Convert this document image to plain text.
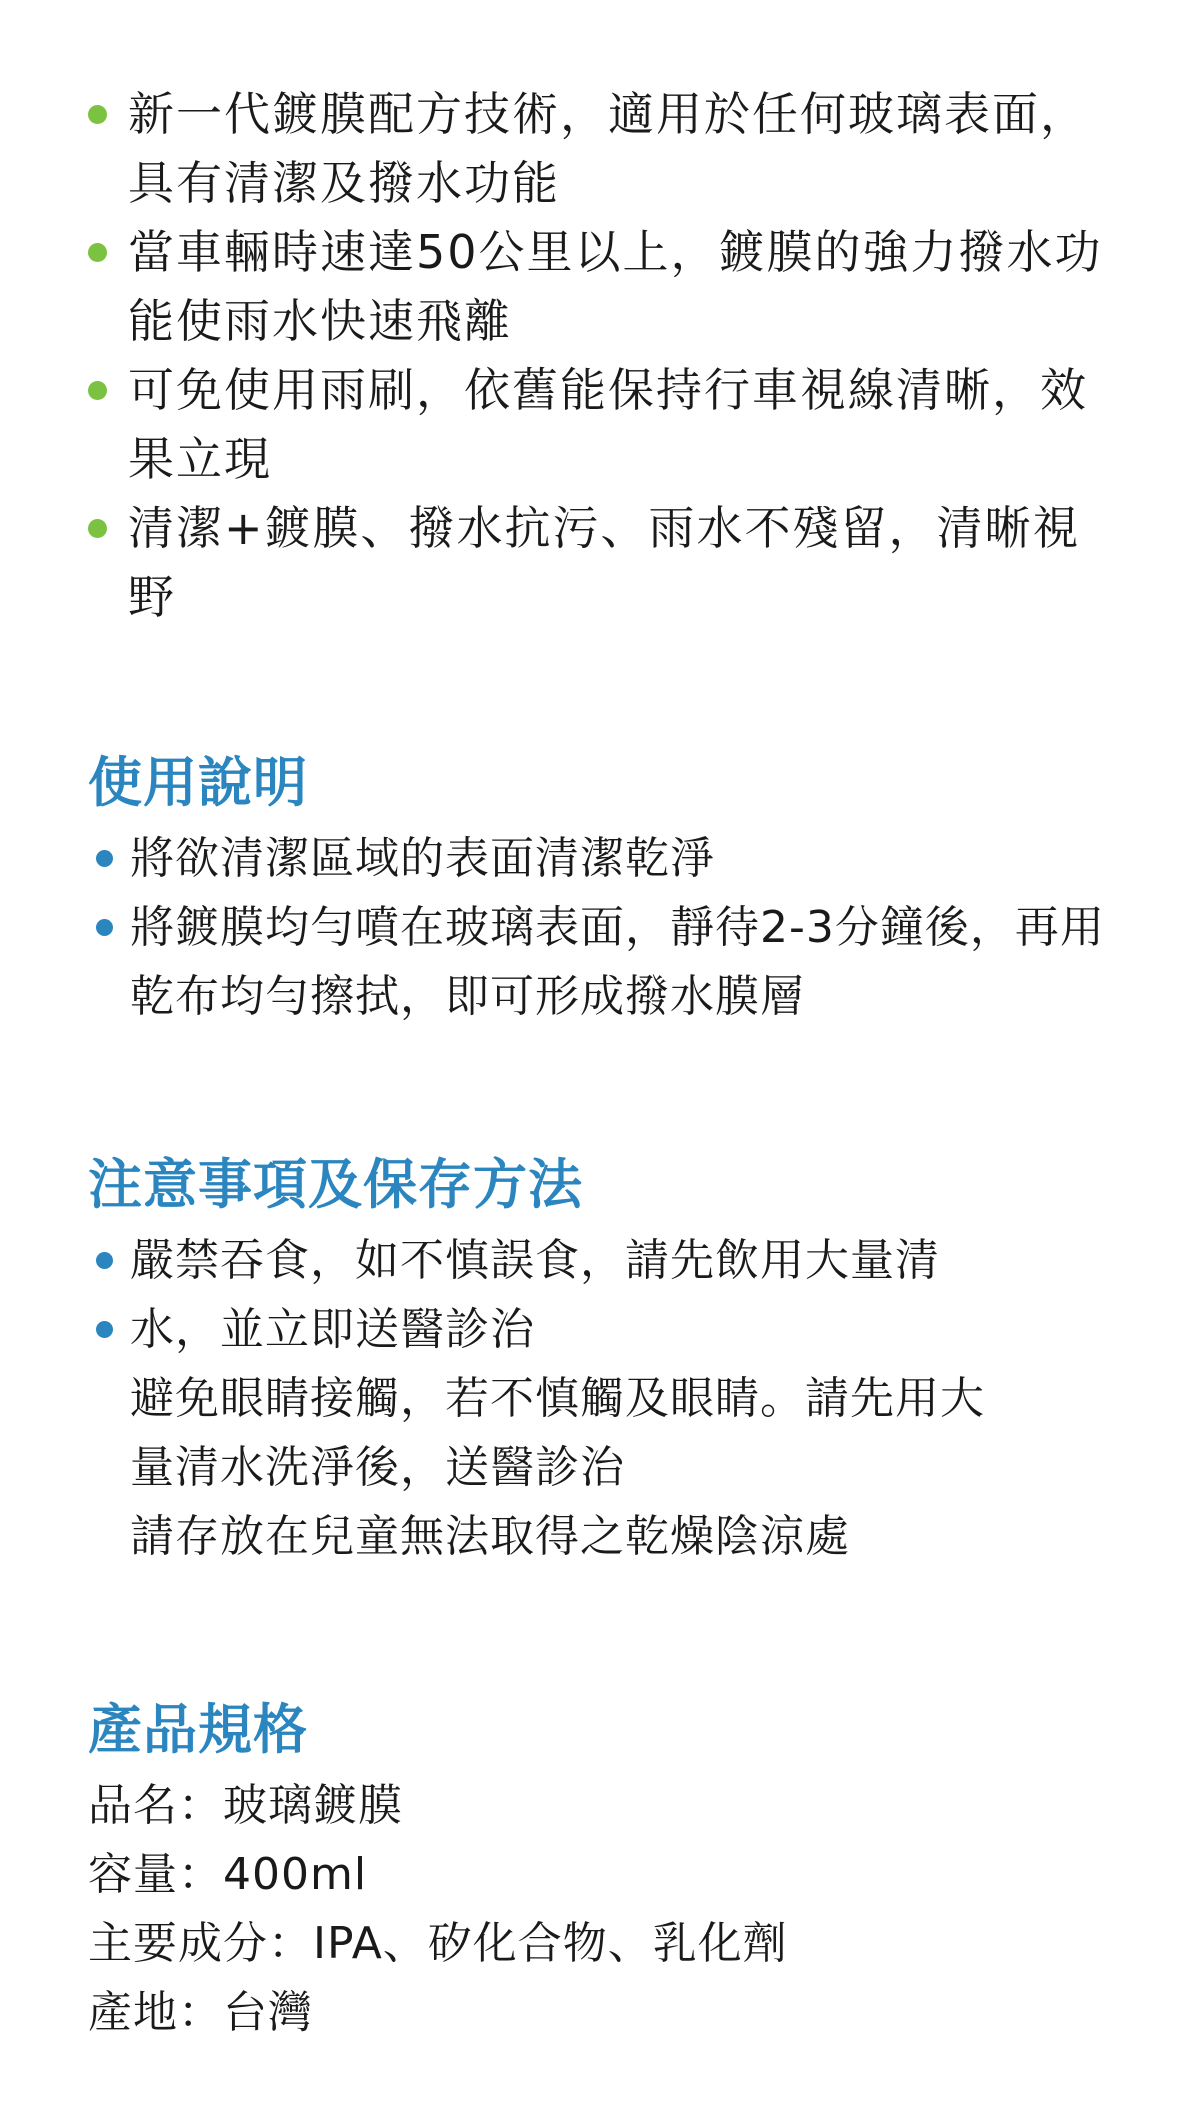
新一代鍍膜配方技術，適用於任何玻璃表面，具有清潔及撥水功能
當車輛時速達50公里以上，鍍膜的強力撥水功能使雨水快速飛離
可免使用雨刷，依舊能保持行車視線清晰，效果立現
清潔+鍍膜、撥水抗污、雨水不殘留，清晰視野
使用說明
將欲清潔區域的表面清潔乾淨
將鍍膜均勻噴在玻璃表面，靜待2-3分鐘後，再用乾布均勻擦拭，即可形成撥水膜層
注意事項及保存方法
嚴禁吞食，如不慎誤食，請先飲用大量清
水，並立即送醫診治
避免眼睛接觸，若不慎觸及眼睛。請先用大
量清水洗淨後，送醫診治
請存放在兒童無法取得之乾燥陰涼處
產品規格
品名：玻璃鍍膜
容量：400ml
主要成分：IPA、矽化合物、乳化劑
產地：台灣
